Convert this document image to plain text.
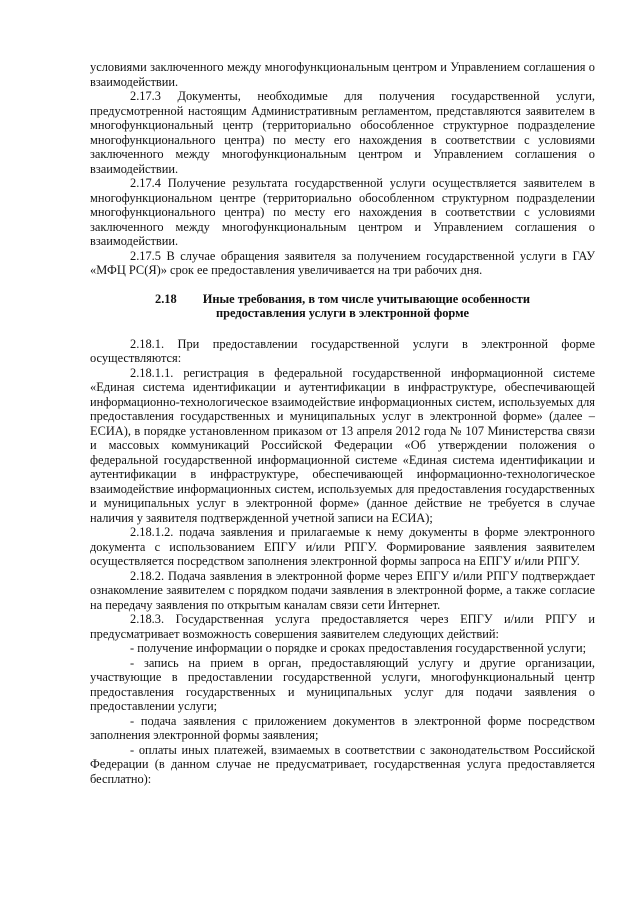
условиями заключенного между многофункциональным центром и Управлением соглашения о взаимодействии.

2.17.3 Документы, необходимые для получения государственной услуги, предусмотренной настоящим Административным регламентом, представляются заявителем в многофункциональный центр (территориально обособленное структурное подразделение многофункционального центра) по месту его нахождения в соответствии с условиями заключенного между многофункциональным центром и Управлением соглашения о взаимодействии.

2.17.4 Получение результата государственной услуги осуществляется заявителем в многофункциональном центре (территориально обособленном структурном подразделении многофункционального центра) по месту его нахождения в соответствии с условиями заключенного между многофункциональным центром и Управлением соглашения о взаимодействии.

2.17.5 В случае обращения заявителя за получением государственной услуги в ГАУ «МФЦ РС(Я)» срок ее предоставления увеличивается на три рабочих дня.

2.18 Иные требования, в том числе учитывающие особенности предоставления услуги в электронной форме

2.18.1. При предоставлении государственной услуги в электронной форме осуществляются:

2.18.1.1. регистрация в федеральной государственной информационной системе «Единая система идентификации и аутентификации в инфраструктуре, обеспечивающей информационно-технологическое взаимодействие информационных систем, используемых для предоставления государственных и муниципальных услуг в электронной форме» (далее – ЕСИА), в порядке установленном приказом от 13 апреля 2012 года № 107 Министерства связи и массовых коммуникаций Российской Федерации «Об утверждении положения о федеральной государственной информационной системе «Единая система идентификации и аутентификации в инфраструктуре, обеспечивающей информационно-технологическое взаимодействие информационных систем, используемых для предоставления государственных и муниципальных услуг в электронной форме» (данное действие не требуется в случае наличия у заявителя подтвержденной учетной записи на ЕСИА);

2.18.1.2. подача заявления и прилагаемые к нему документы в форме электронного документа с использованием ЕПГУ и/или РПГУ. Формирование заявления заявителем осуществляется посредством заполнения электронной формы запроса на ЕПГУ и/или РПГУ.

2.18.2. Подача заявления в электронной форме через ЕПГУ и/или РПГУ подтверждает ознакомление заявителем с порядком подачи заявления в электронной форме, а также согласие на передачу заявления по открытым каналам связи сети Интернет.

2.18.3. Государственная услуга предоставляется через ЕПГУ и/или РПГУ и предусматривает возможность совершения заявителем следующих действий:

- получение информации о порядке и сроках предоставления государственной услуги;

- запись на прием в орган, предоставляющий услугу и другие организации, участвующие в предоставлении государственной услуги, многофункциональный центр предоставления государственных и муниципальных услуг для подачи заявления о предоставлении услуги;

- подача заявления с приложением документов в электронной форме посредством заполнения электронной формы заявления;

- оплаты иных платежей, взимаемых в соответствии с законодательством Российской Федерации (в данном случае не предусматривает, государственная услуга предоставляется бесплатно):
